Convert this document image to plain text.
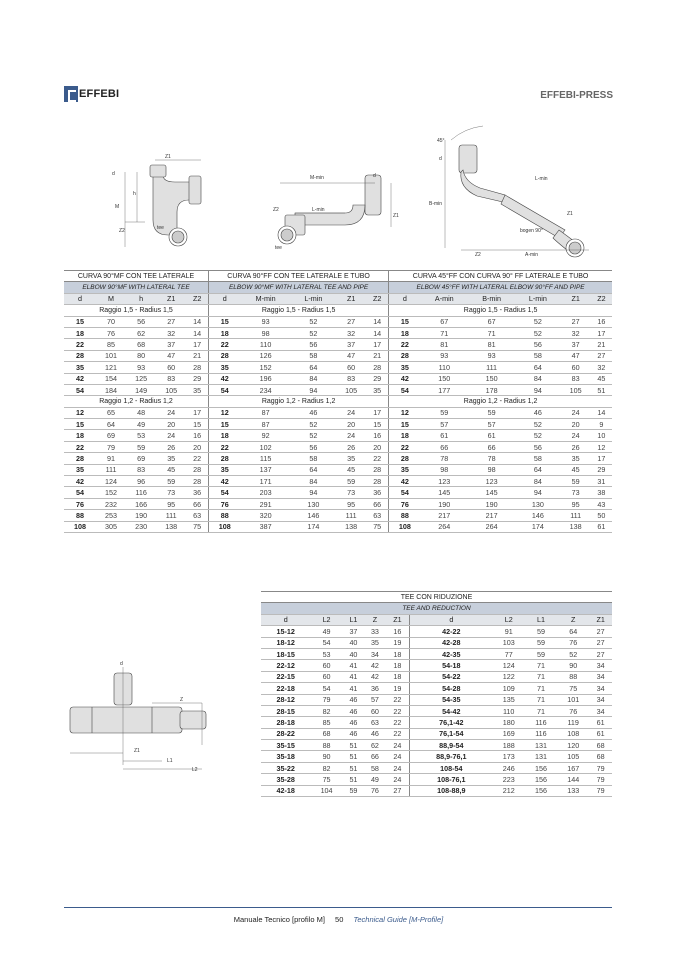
EFFEBI	EFFEBI-PRESS
Z1
d
h
M
Z2	tee
M-min	d
Z2	L-min
Z1
tee
45°
d
B-min
L-min
Z1
bogen 90°
Z2	A-min
CURVA 90°MF CON TEE LATERALE					CURVA 90°FF CON TEE LATERALE E TUBO					CURVA 45°FF CON CURVA 90° FF LATERALE E TUBO					
ELBOW 90°MF WITH LATERAL TEE					ELBOW 90°MF WITH LATERAL TEE AND PIPE					ELBOW 45°FF WITH LATERAL ELBOW 90°FF AND PIPE					
d	M	h	Z1	Z2	d	M-min	L-min	Z1	Z2	d	A-min	B-min	L-min	Z1	Z2
Raggio 1,5 - Radius 1,5					Raggio 1,5 - Radius 1,5					Raggio 1,5 - Radius 1,5					
15	70	56	27	14	15	93	52	27	14	15	67	67	52	27	16
18	76	62	32	14	18	98	52	32	14	18	71	71	52	32	17
22	85	68	37	17	22	110	56	37	17	22	81	81	56	37	21
28	101	80	47	21	28	126	58	47	21	28	93	93	58	47	27
35	121	93	60	28	35	152	64	60	28	35	110	111	64	60	32
42	154	125	83	29	42	196	84	83	29	42	150	150	84	83	45
54	184	149	105	35	54	234	94	105	35	54	177	178	94	105	51
Raggio 1,2 - Radius 1,2					Raggio 1,2 - Radius 1,2					Raggio 1,2 - Radius 1,2					
12	65	48	24	17	12	87	46	24	17	12	59	59	46	24	14
15	64	49	20	15	15	87	52	20	15	15	57	57	52	20	9
18	69	53	24	16	18	92	52	24	16	18	61	61	52	24	10
22	79	59	26	20	22	102	56	26	20	22	66	66	56	26	12
28	91	69	35	22	28	115	58	35	22	28	78	78	58	35	17
35	111	83	45	28	35	137	64	45	28	35	98	98	64	45	29
42	124	96	59	28	42	171	84	59	28	42	123	123	84	59	31
54	152	116	73	36	54	203	94	73	36	54	145	145	94	73	38
76	232	166	95	66	76	291	130	95	66	76	190	190	130	95	43
88	253	190	111	63	88	320	146	111	63	88	217	217	146	111	50
108	305	230	138	75	108	387	174	138	75	108	264	264	174	138	61
d
Z
Z1
L1
L2
TEE CON RIDUZIONE									
TEE AND REDUCTION									
d	L2	L1	Z	Z1	d	L2	L1	Z	Z1
15-12	49	37	33	16	42-22	91	59	64	27
18-12	54	40	35	19	42-28	103	59	76	27
18-15	53	40	34	18	42-35	77	59	52	27
22-12	60	41	42	18	54-18	124	71	90	34
22-15	60	41	42	18	54-22	122	71	88	34
22-18	54	41	36	19	54-28	109	71	75	34
28-12	79	46	57	22	54-35	135	71	101	34
28-15	82	46	60	22	54-42	110	71	76	34
28-18	85	46	63	22	76,1-42	180	116	119	61
28-22	68	46	46	22	76,1-54	169	116	108	61
35-15	88	51	62	24	88,9-54	188	131	120	68
35-18	90	51	66	24	88,9-76,1	173	131	105	68
35-22	82	51	58	24	108-54	246	156	167	79
35-28	75	51	49	24	108-76,1	223	156	144	79
42-18	104	59	76	27	108-88,9	212	156	133	79
Manuale Tecnico [profilo M] 50 Technical Guide [M-Profile]
